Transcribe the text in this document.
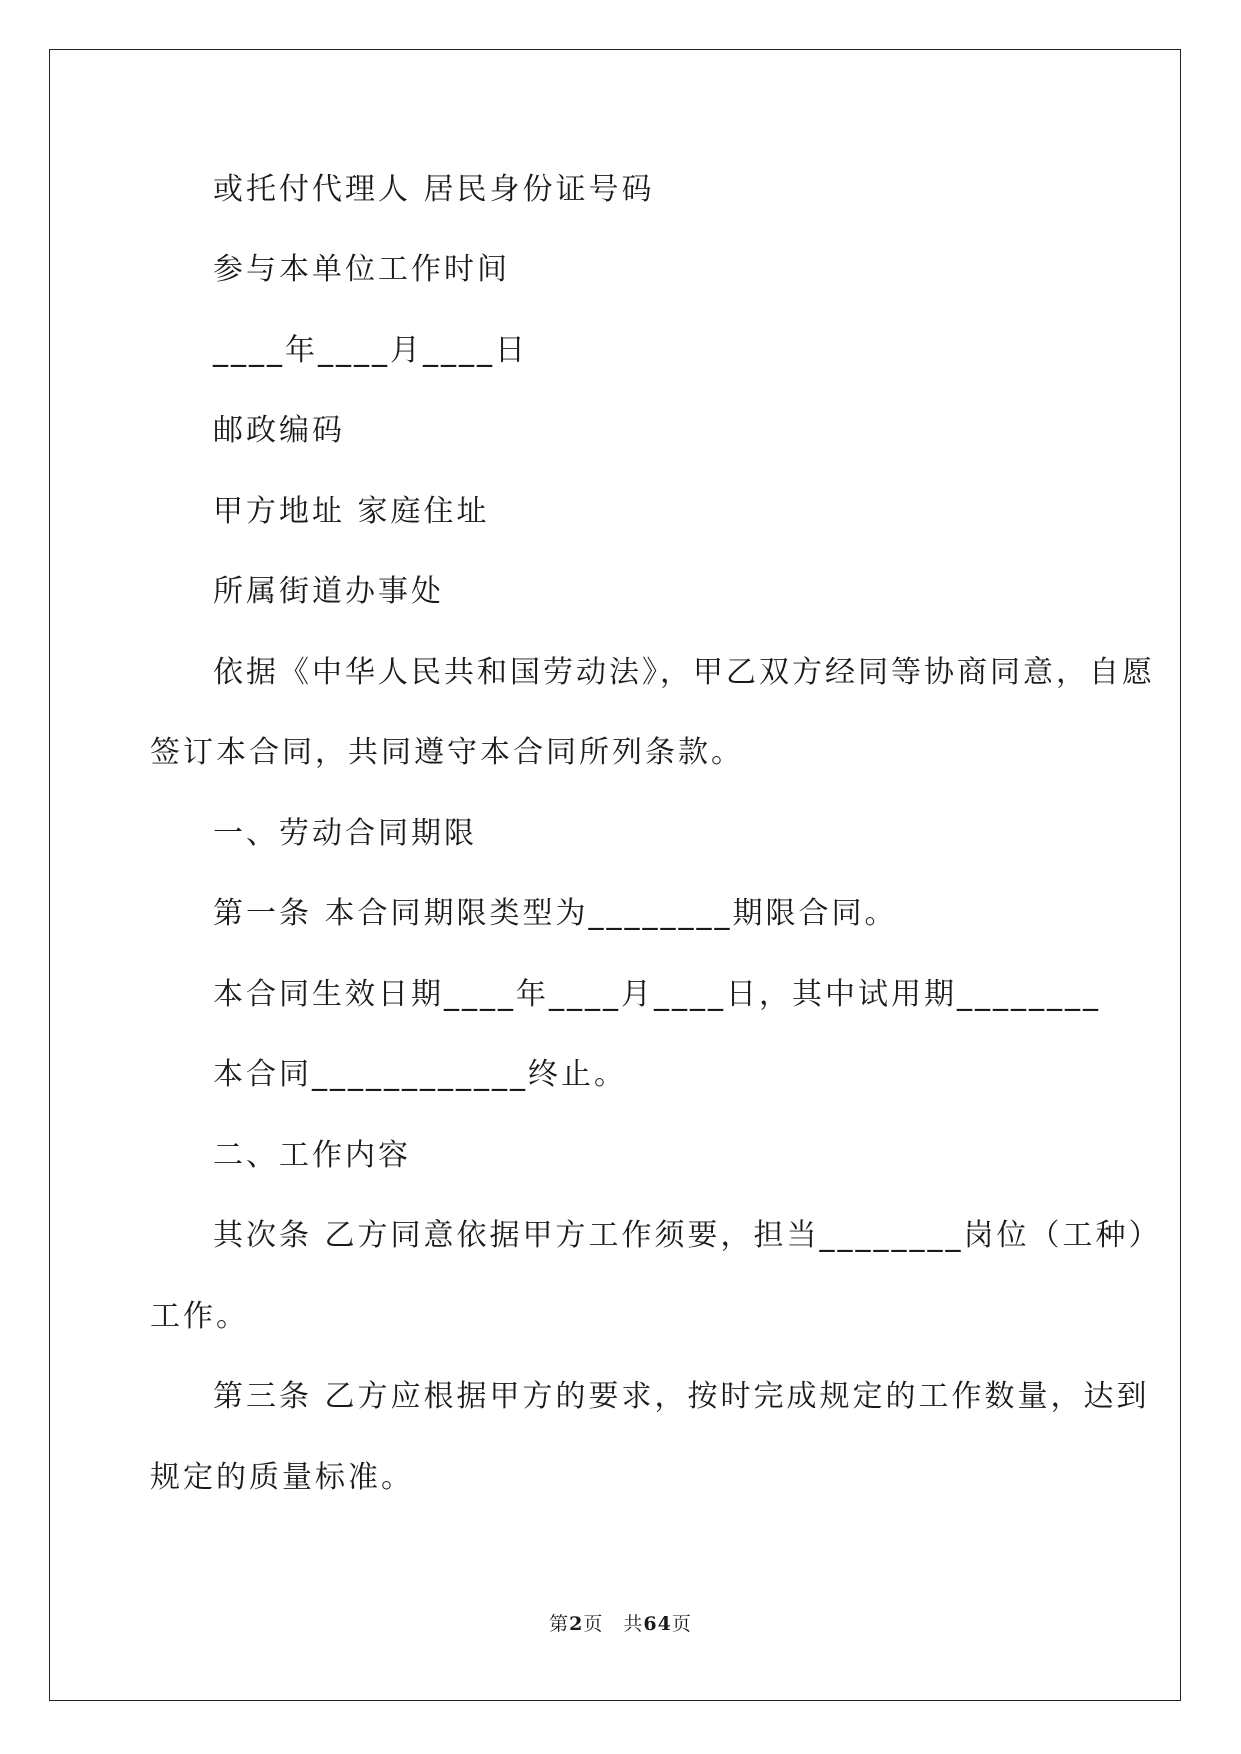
或托付代理人 居民身份证号码
参与本单位工作时间
____年____月____日
邮政编码
甲方地址 家庭住址
所属街道办事处
依据《中华人民共和国劳动法》，甲乙双方经同等协商同意，自愿
签订本合同，共同遵守本合同所列条款。
一、劳动合同期限
第一条 本合同期限类型为________期限合同。
本合同生效日期____年____月____日，其中试用期________
本合同____________终止。
二、工作内容
其次条 乙方同意依据甲方工作须要，担当________岗位（工种）
工作。
第三条 乙方应根据甲方的要求，按时完成规定的工作数量，达到
规定的质量标准。
第2页　共64页
